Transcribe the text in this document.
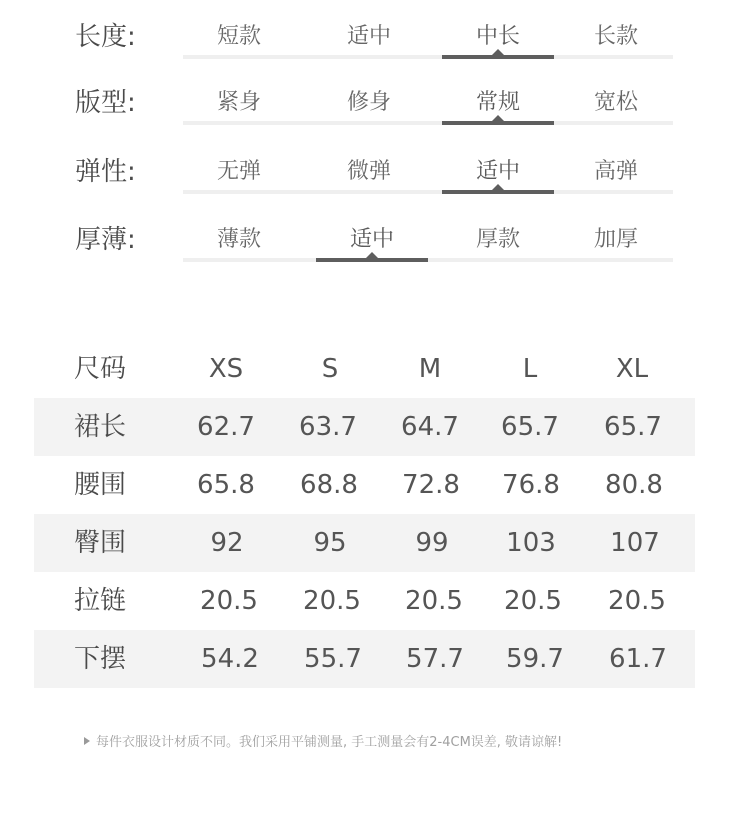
长度:	短款	适中	中长	长款
版型:	紧身	修身	常规	宽松
弹性:	无弹	微弹	适中	高弹
厚薄:	薄款	适中	厚款	加厚
尺码	XS	S	M	L	XL
裙长	62.7	63.7	64.7	65.7	65.7
腰围	65.8	68.8	72.8	76.8	80.8
臀围	92	95	99	103	107
拉链	20.5	20.5	20.5	20.5	20.5
下摆	54.2	55.7	57.7	59.7	61.7
每件衣服设计材质不同。我们采用平铺测量, 手工测量会有2-4CM误差, 敬请谅解!
